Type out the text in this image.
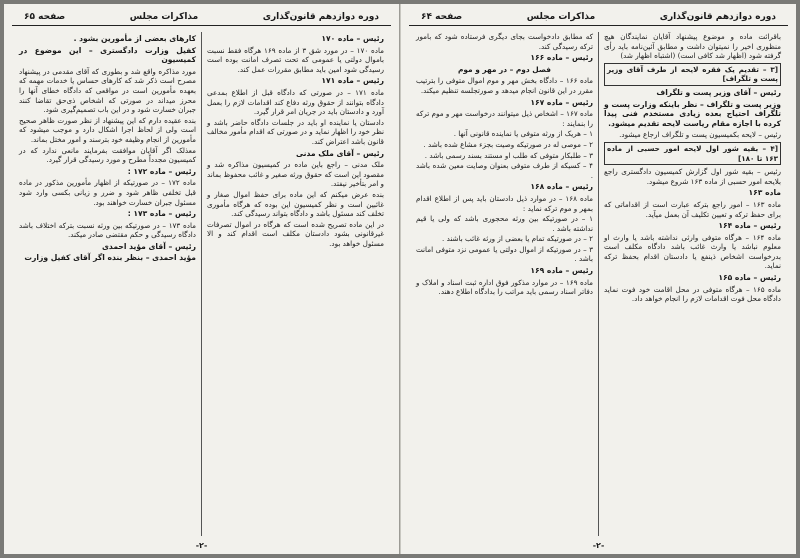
دوره دوازدهم قانون‌گذاری
مذاکرات مجلس
صفحه ۶۵

رئیس – ماده ۱۷۰

ماده ۱۷۰ – در مورد شق ۳ از ماده ۱۶۹ هرگاه فقط نسبت باموال دولتی یا عمومی که تحت تصرف امانت بوده است رسیدگی شود امین باید مطابق مقررات عمل کند.

رئیس – ماده ۱۷۱

ماده ۱۷۱ – در صورتی که دادگاه قبل از اطلاع بمدعی دادگاه بتوانند از حقوق ورثه دفاع کند اقدامات لازم را بعمل آورد و دادستان باید در جریان امر قرار گیرد.

دادستان یا نماینده او باید در جلسات دادگاه حاضر باشد و نظر خود را اظهار نماید و در صورتی که اقدام مأمور مخالف قانون باشد اعتراض کند.

رئیس – آقای ملک مدنی

ملک مدنی – راجع باین ماده در کمیسیون مذاکره شد و مقصود این است که حقوق ورثه صغیر و غائب محفوظ بماند و امر بتأخیر نیفتد.

بنده عرض میکنم که این ماده برای حفظ اموال صغار و غائبین است و نظر کمیسیون این بوده که هرگاه مأموری تخلف کند مسئول باشد و دادگاه بتواند رسیدگی کند.

در این ماده تصریح شده است که هرگاه در اموال تصرفات غیرقانونی بشود دادستان مکلف است اقدام کند و الا مسئول خواهد بود.

کارهای بعضی از مأمورین بشود .

کفیل وزارت دادگستری – این موضوع در کمیسیون

مورد مذاکره واقع شد و بطوری که آقای مقدمی در پیشنهاد مصرح است ذکر شد که کارهای حساس یا خدمات مهمه که بعهده مأمورین است در مواقعی که دادگاه خطای آنها را محرز میداند در صورتی که اشخاص ذی‌حق تقاضا کنند جبران خسارت شود و در این باب تصمیم‌گیری شود.

بنده عقیده دارم که این پیشنهاد از نظر صورت ظاهر صحیح است ولی از لحاظ اجرا اشکال دارد و موجب میشود که مأمورین از انجام وظیفه خود بترسند و امور مختل بماند.

معذلک اگر آقایان موافقت بفرمایند مانعی ندارد که در کمیسیون مجدداً مطرح و مورد رسیدگی قرار گیرد.

رئیس – ماده ۱۷۲ :

ماده ۱۷۲ – در صورتیکه از اظهار مأمورین مذکور در ماده قبل تخلفی ظاهر شود و ضرر و زیانی بکسی وارد شود مسئول جبران خسارت خواهند بود.

رئیس – ماده ۱۷۳ :

ماده ۱۷۳ – در صورتیکه بین ورثه نسبت بترکه اختلاف باشد دادگاه رسیدگی و حکم مقتضی صادر میکند.

رئیس – آقای مؤید احمدی

مؤید احمدی – بنظر بنده اگر آقای کفیل وزارت

-۲-
دوره دوازدهم قانون‌گذاری
مذاکرات مجلس
صفحه ۶۴

باقرائت ماده و موضوع پیشنهاد آقایان نمایندگان هیچ منظوری اخیر را نمیتوان داشت و مطابق آئین‌نامه باید رأی گرفته شود (اظهار شد کافی است) (اشتباه اظهار شد)

[۳ – تقدیم یک فقره لایحه از طرف آقای وزیر پست و تلگراف]

رئیس – آقای وزیر پست و تلگراف

وزیر پست و تلگراف – نظر باینکه وزارت پست و تلگراف احتیاج بعده زیادی مستخدم فنی پیدا کرده با اجازه مقام ریاست لایحه تقدیم میشود.

رئیس – لایحه بکمیسیون پست و تلگراف ارجاع میشود.

[۴ – بقیه شور اول لایحه امور حسبی از ماده ۱۶۳ تا ۱۸۰]

رئیس – بقیه شور اول گزارش کمیسیون دادگستری راجع بلایحه امور حسبی از ماده ۱۶۳ شروع میشود.

ماده ۱۶۳

ماده ۱۶۳ – امور راجع بترکه عبارت است از اقداماتی که برای حفظ ترکه و تعیین تکلیف آن بعمل میآید.

رئیس – ماده ۱۶۴

ماده ۱۶۴ – هرگاه متوفی وارثی نداشته باشد یا وارث او معلوم نباشد یا وارث غائب باشد دادگاه مکلف است بدرخواست اشخاص ذینفع یا دادستان اقدام بحفظ ترکه نماید.

رئیس – ماده ۱۶۵

ماده ۱۶۵ – هرگاه متوفی در محل اقامت خود فوت نماید دادگاه محل فوت اقدامات لازم را انجام خواهد داد.

که مطابق دادخواست بجای دیگری فرستاده شود که بامور ترکه رسیدگی کند.

رئیس – ماده ۱۶۶

فصل دوم – در مهر و موم

ماده ۱۶۶ – دادگاه بخش مهر و موم اموال متوفی را بترتیب مقرر در این قانون انجام میدهد و صورتجلسه تنظیم میکند.

رئیس – ماده ۱۶۷

ماده ۱۶۷ – اشخاص ذیل میتوانند درخواست مهر و موم ترکه را بنمایند :

۱ – هریک از ورثه متوفی یا نماینده قانونی آنها .

۲ – موصی له در صورتیکه وصیت بجزء مشاع شده باشد .

۳ – طلبکار متوفی که طلب او مستند بسند رسمی باشد .

۴ – کسیکه از طرف متوفی بعنوان وصایت معین شده باشد .

رئیس – ماده ۱۶۸

ماده ۱۶۸ – در موارد ذیل دادستان باید پس از اطلاع اقدام بمهر و موم ترکه نماید :

۱ – در صورتیکه بین ورثه محجوری باشد که ولی یا قیم نداشته باشد .

۲ – در صورتیکه تمام یا بعضی از ورثه غائب باشند .

۳ – در صورتیکه از اموال دولتی یا عمومی نزد متوفی امانت باشد .

رئیس – ماده ۱۶۹

ماده ۱۶۹ – در موارد مذکور فوق اداره ثبت اسناد و املاک و دفاتر اسناد رسمی باید مراتب را بدادگاه اطلاع دهند.

-۲-
